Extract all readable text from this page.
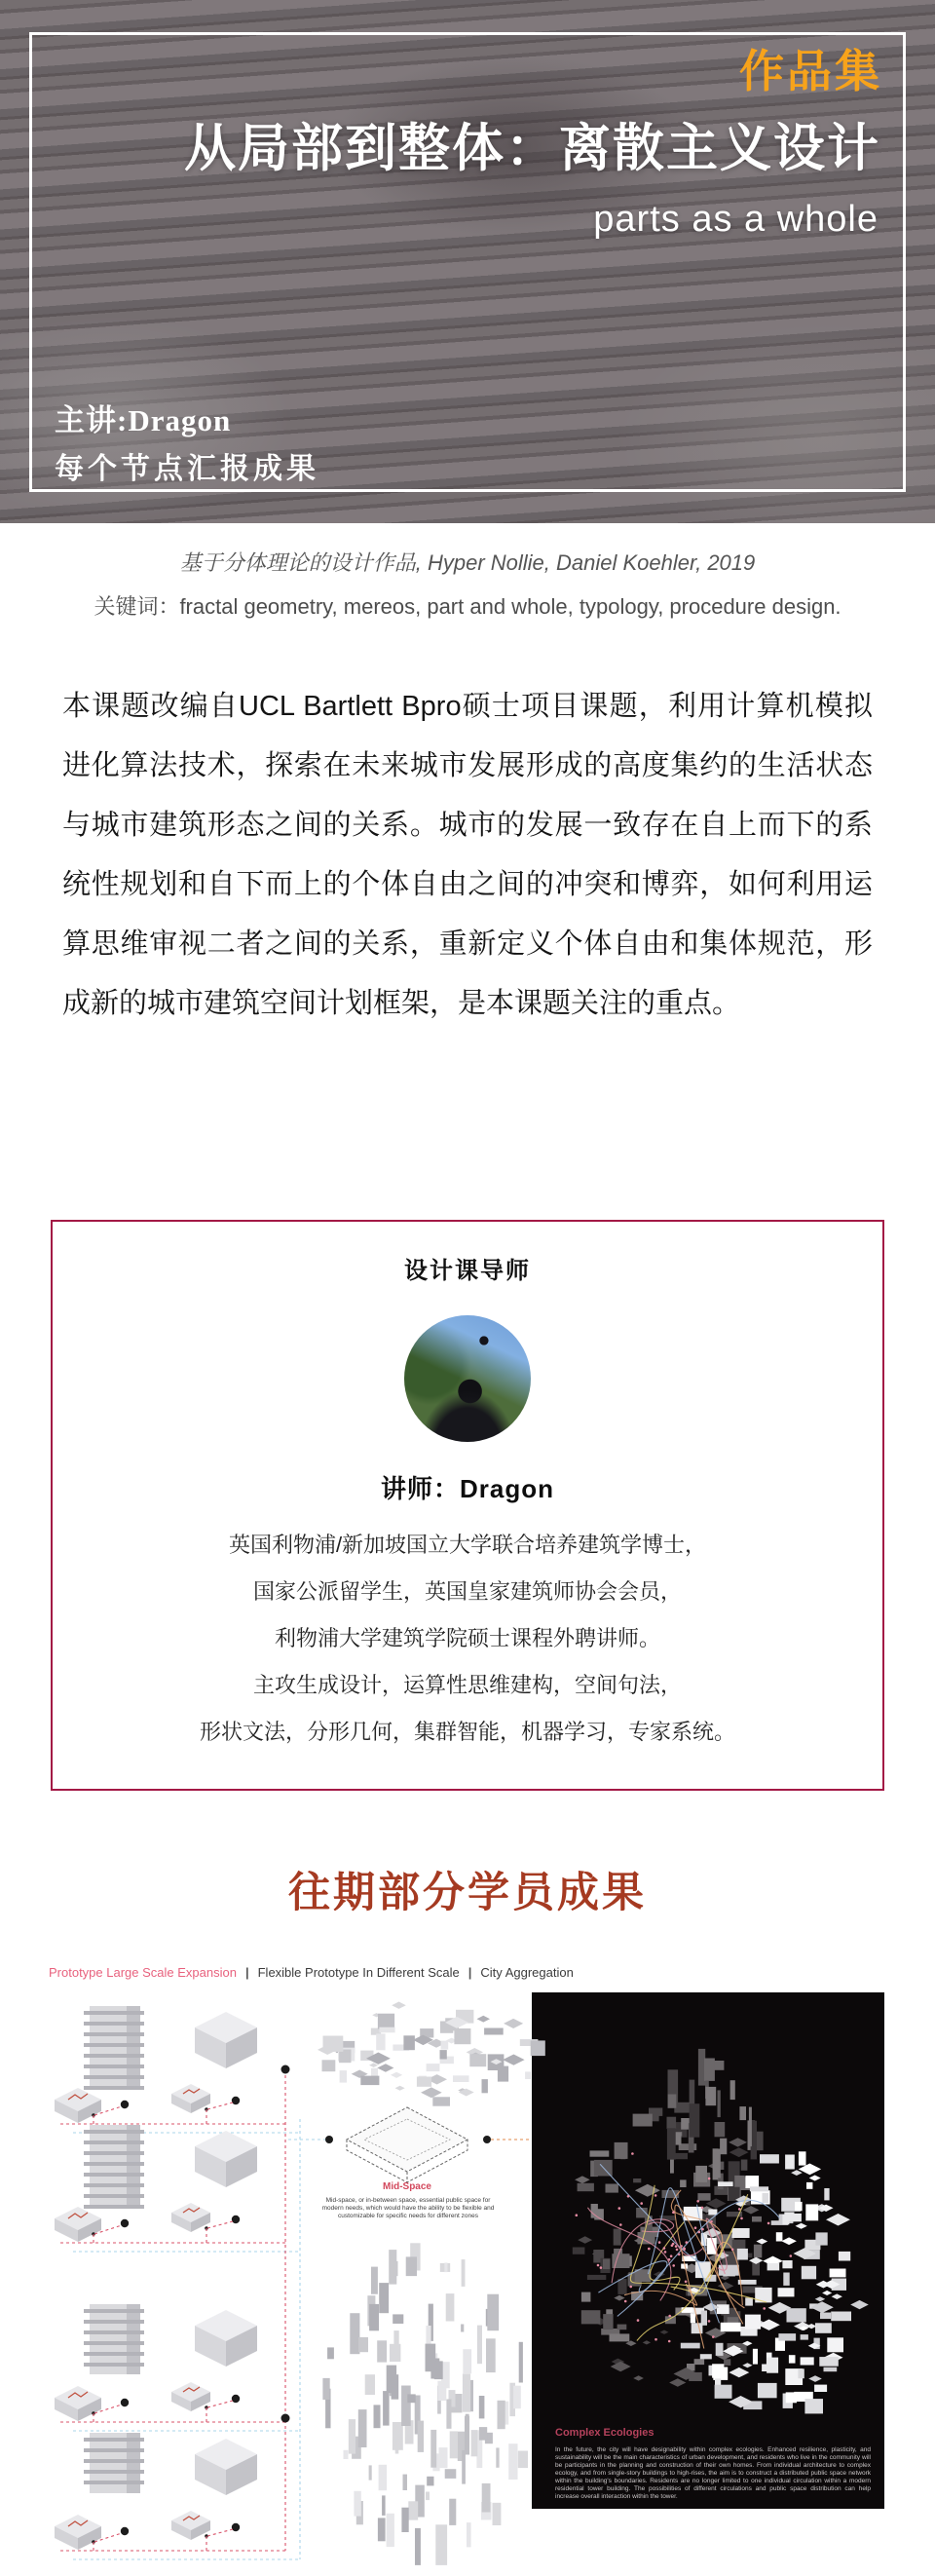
作品集
从局部到整体：离散主义设计
parts as a whole
主讲:Dragon
每个节点汇报成果
基于分体理论的设计作品, Hyper Nollie, Daniel Koehler, 2019
关键词：fractal geometry, mereos, part and whole, typology, procedure design.
本课题改编自UCL Bartlett Bpro硕士项目课题，利用计算机模拟进化算法技术，探索在未来城市发展形成的高度集约的生活状态与城市建筑形态之间的关系。城市的发展一致存在自上而下的系统性规划和自下而上的个体自由之间的冲突和博弈，如何利用运算思维审视二者之间的关系，重新定义个体自由和集体规范，形成新的城市建筑空间计划框架，是本课题关注的重点。
设计课导师
讲师：Dragon
英国利物浦/新加坡国立大学联合培养建筑学博士，
国家公派留学生，英国皇家建筑师协会会员，
利物浦大学建筑学院硕士课程外聘讲师。
主攻生成设计，运算性思维建构，空间句法，
形状文法，分形几何，集群智能，机器学习，专家系统。
往期部分学员成果
Prototype Large Scale Expansion | Flexible Prototype In Different Scale | City Aggregation
Mid-Space
Mid-space, or in-between space, essential public space for modern needs, which would have the ability to be flexible and customizable for specific needs for different zones
Complex Ecologies
In the future, the city will have designability within complex ecologies. Enhanced resilience, plasticity, and sustainability will be the main characteristics of urban development, and residents who live in the community will be participants in the planning and construction of their own homes. From individual architecture to complex ecology, and from single-story buildings to high-rises, the aim is to construct a distributed public space network within the building's boundaries. Residents are no longer limited to one individual circulation within a modern residential tower building. The possibilities of different circulations and public space distribution can help increase overall interaction within the tower.
